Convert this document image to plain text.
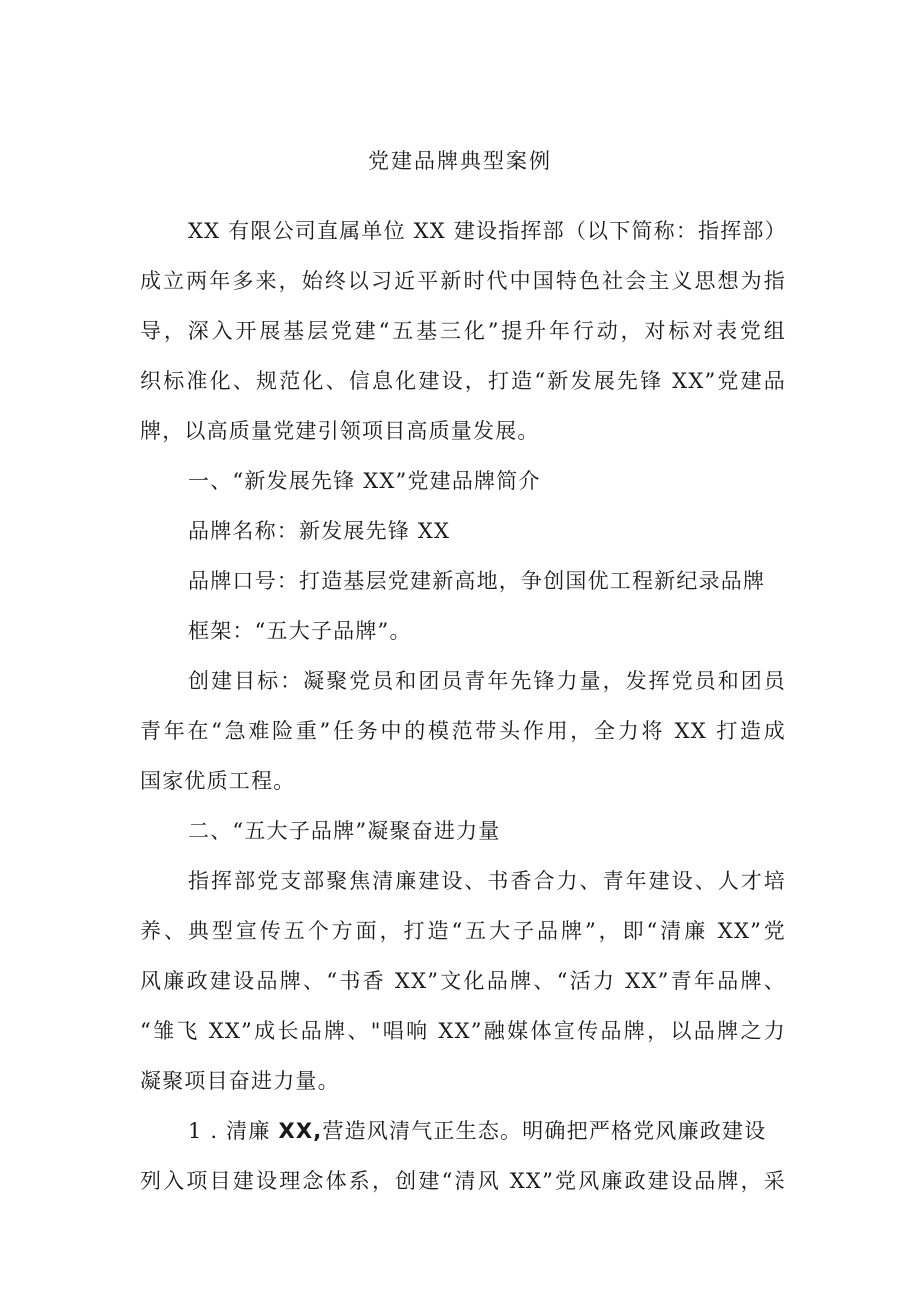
党建品牌典型案例
XX 有限公司直属单位 XX 建设指挥部（以下简称：指挥部）
成立两年多来，始终以习近平新时代中国特色社会主义思想为指
导，深入开展基层党建“五基三化”提升年行动，对标对表党组
织标准化、规范化、信息化建设，打造“新发展先锋 XX”党建品
牌，以高质量党建引领项目高质量发展。
一、“新发展先锋 XX”党建品牌简介
品牌名称：新发展先锋 XX
品牌口号：打造基层党建新高地，争创国优工程新纪录品牌
框架：“五大子品牌”。
创建目标：凝聚党员和团员青年先锋力量，发挥党员和团员
青年在“急难险重”任务中的模范带头作用，全力将 XX 打造成
国家优质工程。
二、“五大子品牌”凝聚奋进力量
指挥部党支部聚焦清廉建设、书香合力、青年建设、人才培
养、典型宣传五个方面，打造“五大子品牌”，即“清廉 XX”党
风廉政建设品牌、“书香 XX”文化品牌、“活力 XX”青年品牌、
“雏飞 XX”成长品牌、"唱响 XX”融媒体宣传品牌，以品牌之力
凝聚项目奋进力量。
1 . 清廉 XX,营造风清气正生态。明确把严格党风廉政建设
列入项目建设理念体系，创建“清风 XX”党风廉政建设品牌，采
